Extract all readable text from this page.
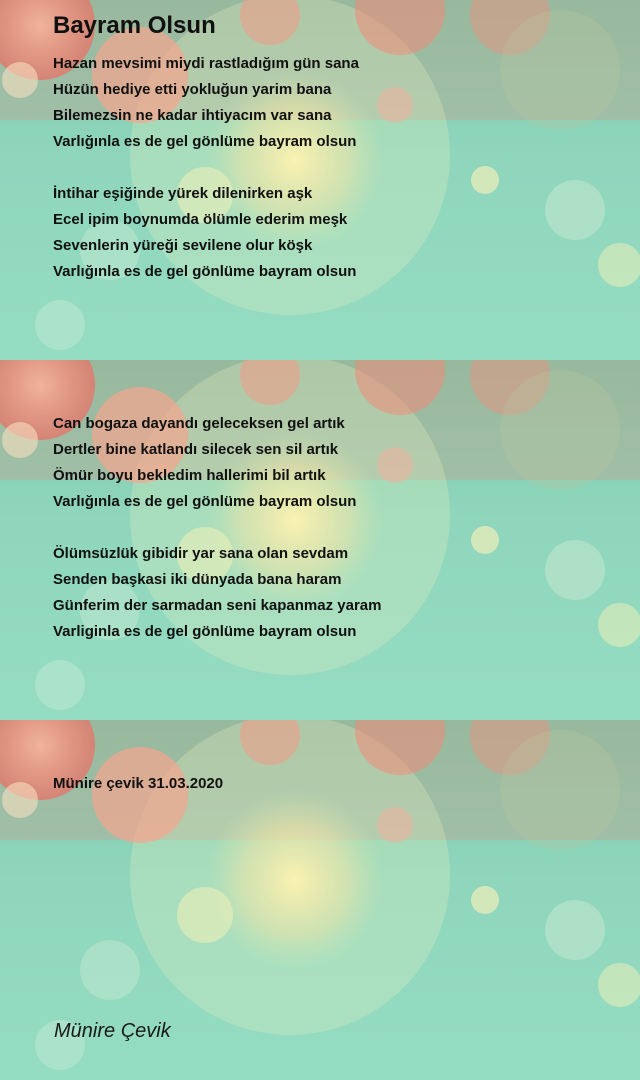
Bayram Olsun

Hazan mevsimi miydi rastladığım gün sana
Hüzün hediye etti yokluğun yarim bana
Bilemezsin ne kadar ihtiyacım var sana
Varlığınla es de gel gönlüme bayram olsun

İntihar eşiğinde yürek dilenirken aşk
Ecel ipim boynumda ölümle ederim meşk
Sevenlerin yüreği sevilene olur köşk
Varlığınla es de gel gönlüme bayram olsun

Can bogaza dayandı geleceksen gel artık
Dertler bine katlandı silecek sen sil artık
Ömür boyu bekledim hallerimi bil artık
Varlığınla es de gel gönlüme bayram olsun

Ölümsüzlük gibidir yar sana olan sevdam
Senden başkasi iki dünyada bana haram
Günferim der sarmadan seni kapanmaz yaram
Varliginla es de gel gönlüme bayram olsun

Münire çevik 31.03.2020

Münire Çevik
